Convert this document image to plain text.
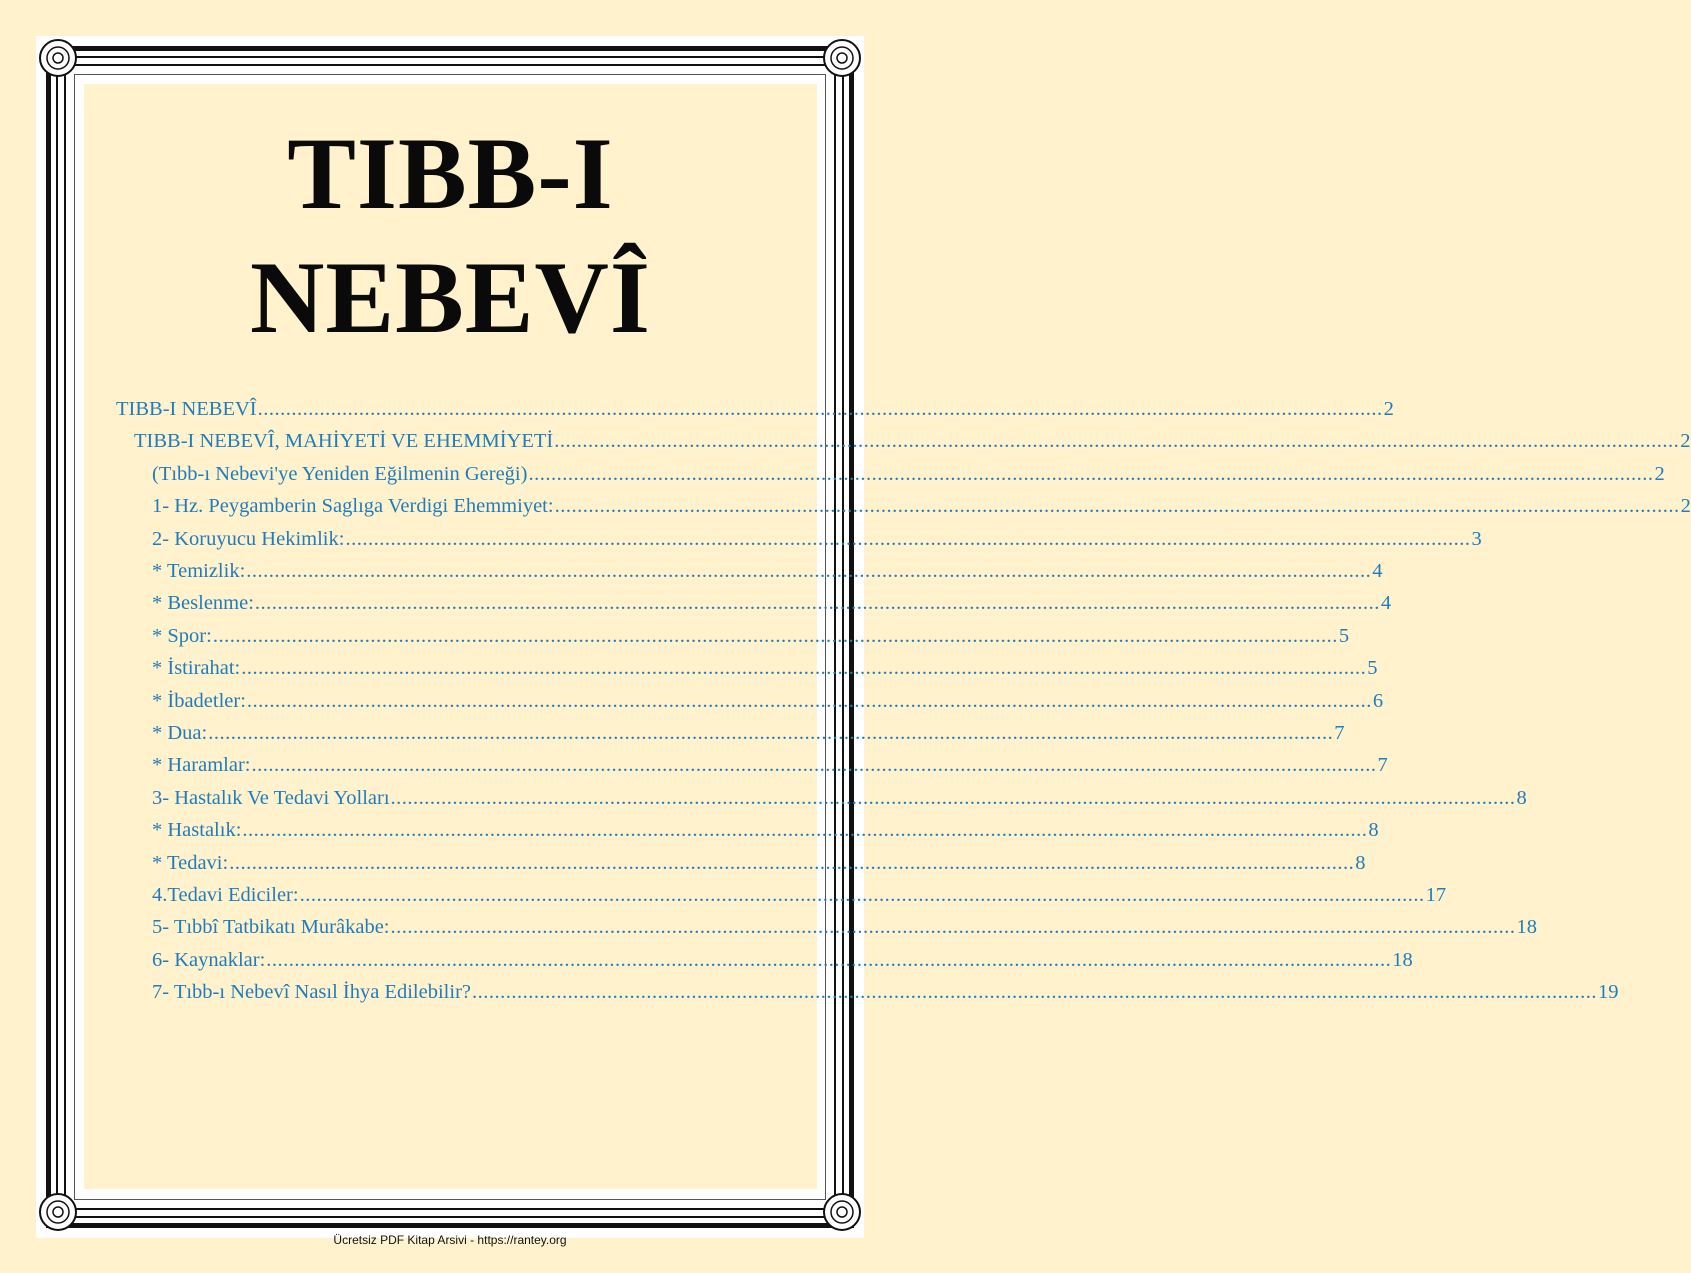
TIBB-I
NEBEVÎ
TIBB-I NEBEVÎ ........................................................................................................................................................................................................ 2
TIBB-I NEBEVÎ, MAHİYETİ VE EHEMMİYETİ ........................................................................................................................................................................................................ 2
(Tıbb-ı Nebevi'ye Yeniden Eğilmenin Gereği) ........................................................................................................................................................................................................ 2
1- Hz. Peygamberin Saglıga Verdigi Ehemmiyet: ........................................................................................................................................................................................................ 2
2- Koruyucu Hekimlik: ........................................................................................................................................................................................................ 3
* Temizlik: ........................................................................................................................................................................................................ 4
* Beslenme: ........................................................................................................................................................................................................ 4
* Spor: ........................................................................................................................................................................................................ 5
* İstirahat: ........................................................................................................................................................................................................ 5
* İbadetler: ........................................................................................................................................................................................................ 6
* Dua: ........................................................................................................................................................................................................ 7
* Haramlar: ........................................................................................................................................................................................................ 7
3- Hastalık Ve Tedavi Yolları ........................................................................................................................................................................................................ 8
* Hastalık: ........................................................................................................................................................................................................ 8
* Tedavi: ........................................................................................................................................................................................................ 8
4.Tedavi Ediciler: ........................................................................................................................................................................................................ 17
5- Tıbbî Tatbikatı Murâkabe: ........................................................................................................................................................................................................ 18
6- Kaynaklar: ........................................................................................................................................................................................................ 18
7- Tıbb-ı Nebevî Nasıl İhya Edilebilir? ........................................................................................................................................................................................................ 19
Ücretsiz PDF Kitap Arsivi - https://rantey.org
